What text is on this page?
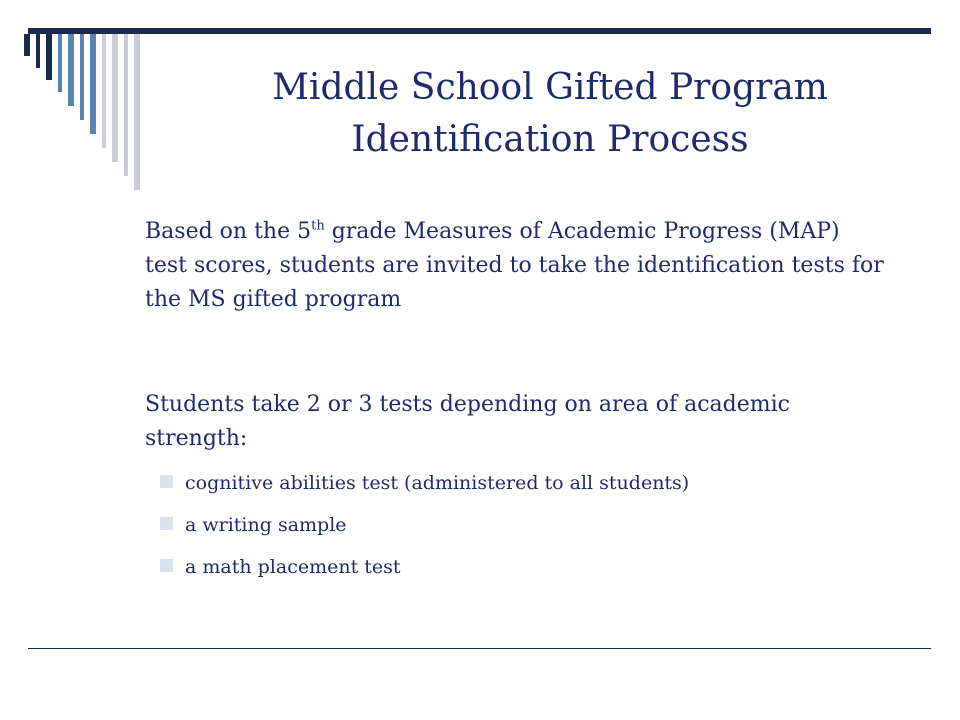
Middle School Gifted Program
Identification Process

Based on the 5th grade Measures of Academic Progress (MAP) test scores, students are invited to take the identification tests for the MS gifted program

Students take 2 or 3 tests depending on area of academic strength:

cognitive abilities test (administered to all students)
a writing sample
a math placement test
